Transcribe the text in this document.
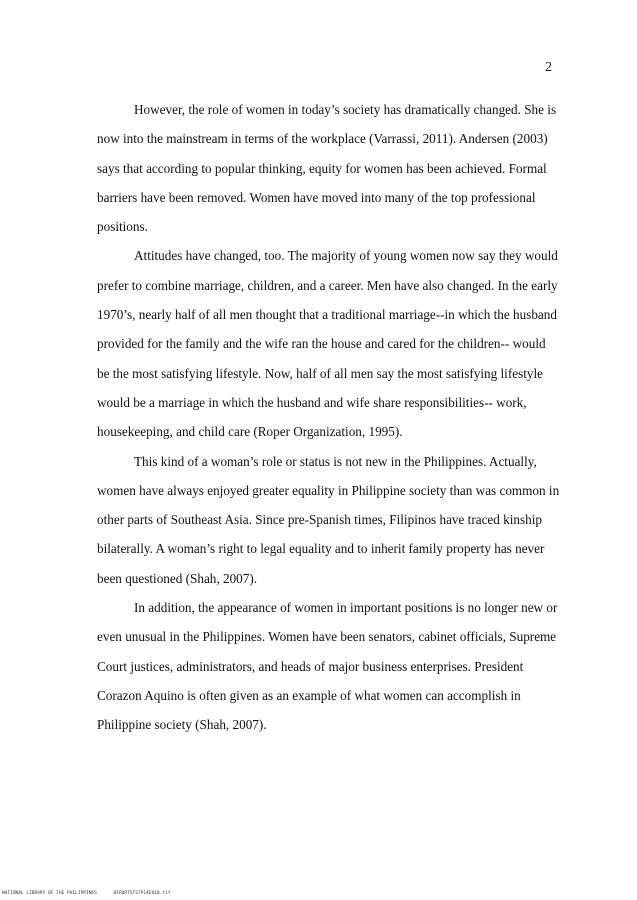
2

However, the role of women in today’s society has dramatically changed. She is now into the mainstream in terms of the workplace (Varrassi, 2011). Andersen (2003) says that according to popular thinking, equity for women has been achieved. Formal barriers have been removed. Women have moved into many of the top professional positions.

Attitudes have changed, too. The majority of young women now say they would prefer to combine marriage, children, and a career. Men have also changed. In the early 1970’s, nearly half of all men thought that a traditional marriage--in which the husband provided for the family and the wife ran the house and cared for the children-- would be the most satisfying lifestyle. Now, half of all men say the most satisfying lifestyle would be a marriage in which the husband and wife share responsibilities-- work, housekeeping, and child care (Roper Organization, 1995).

This kind of a woman’s role or status is not new in the Philippines. Actually, women have always enjoyed greater equality in Philippine society than was common in other parts of Southeast Asia. Since pre-Spanish times, Filipinos have traced kinship bilaterally. A woman’s right to legal equality and to inherit family property has never been questioned (Shah, 2007).

In addition, the appearance of women in important positions is no longer new or even unusual in the Philippines. Women have been senators, cabinet officials, Supreme Court justices, administrators, and heads of major business enterprises. President Corazon Aquino is often given as an example of what women can accomplish in Philippine society (Shah, 2007).

NATIONAL LIBRARY OF THE PHILIPPINES	B1PORTSTS7P14E010.tif
